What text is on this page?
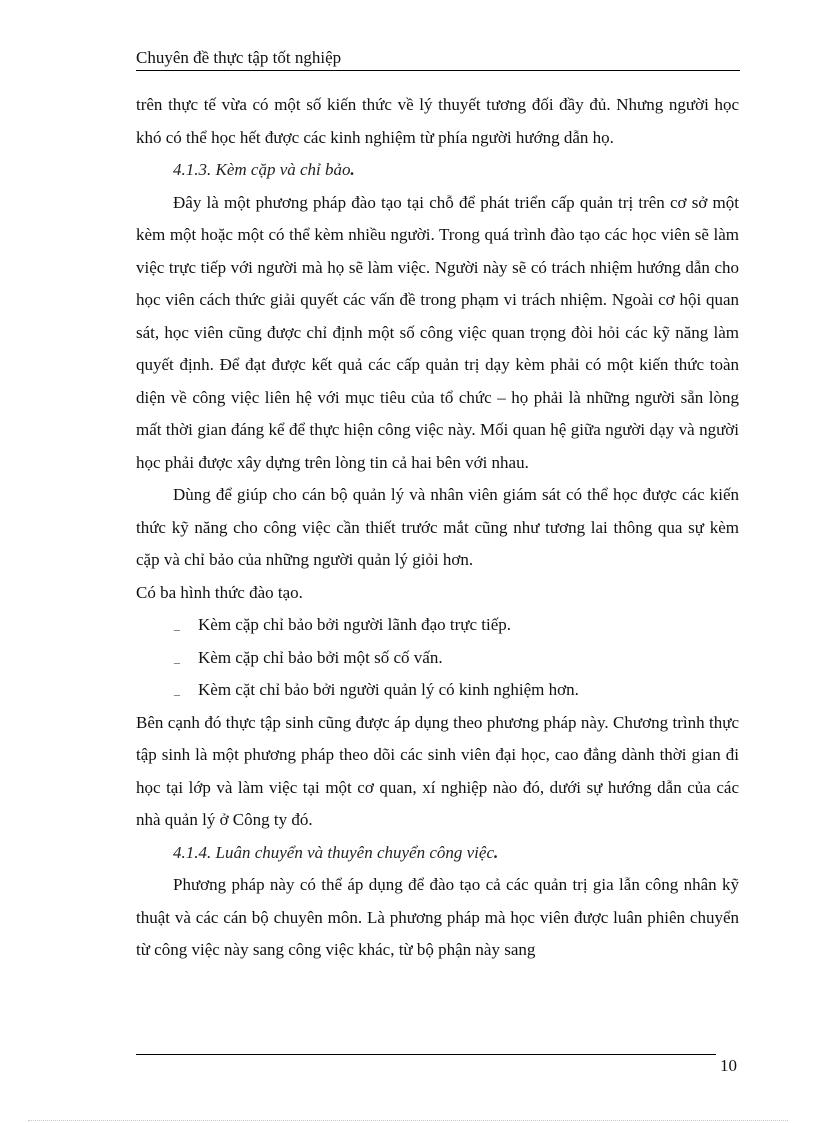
Chuyên đề thực tập tốt nghiệp

trên thực tế vừa có một số kiến thức về lý thuyết tương đối đầy đủ. Nhưng người học khó có thể học hết được các kinh nghiệm từ phía người hướng dẫn họ.

4.1.3. Kèm cặp và chỉ bảo.

Đây là một phương pháp đào tạo tại chỗ để phát triển cấp quản trị trên cơ sở một kèm một hoặc một có thể kèm nhiều người. Trong quá trình đào tạo các học viên sẽ làm việc trực tiếp với người mà họ sẽ làm việc. Người này sẽ có trách nhiệm hướng dẫn cho học viên cách thức giải quyết các vấn đề trong phạm vi trách nhiệm. Ngoài cơ hội quan sát, học viên cũng được chỉ định một số công việc quan trọng đòi hỏi các kỹ năng làm quyết định. Để đạt được kết quả các cấp quản trị dạy kèm phải có một kiến thức toàn diện về công việc liên hệ với mục tiêu của tổ chức – họ phải là những người sẵn lòng mất thời gian đáng kể để thực hiện công việc này. Mối quan hệ giữa người dạy và người học phải được xây dựng trên lòng tin cả hai bên với nhau.

Dùng để giúp cho cán bộ quản lý và nhân viên giám sát có thể học được các kiến thức kỹ năng cho công việc cần thiết trước mắt cũng như tương lai thông qua sự kèm cặp và chỉ bảo của những người quản lý giỏi hơn.

Có ba hình thức đào tạo.

_ Kèm cặp chỉ bảo bởi người lãnh đạo trực tiếp.

_ Kèm cặp chỉ bảo bởi một số cố vấn.

_ Kèm cặt chỉ bảo bởi người quản lý có kinh nghiệm hơn.

Bên cạnh đó thực tập sinh cũng được áp dụng theo phương pháp này. Chương trình thực tập sinh là một phương pháp theo dõi các sinh viên đại học, cao đẳng dành thời gian đi học tại lớp và làm việc tại một cơ quan, xí nghiệp nào đó, dưới sự hướng dẫn của các nhà quản lý ở Công ty đó.

4.1.4. Luân chuyển và thuyên chuyển công việc.

Phương pháp này có thể áp dụng để đào tạo cả các quản trị gia lẫn công nhân kỹ thuật và các cán bộ chuyên môn. Là phương pháp mà học viên được luân phiên chuyển từ công việc này sang công việc khác, từ bộ phận này sang

10
